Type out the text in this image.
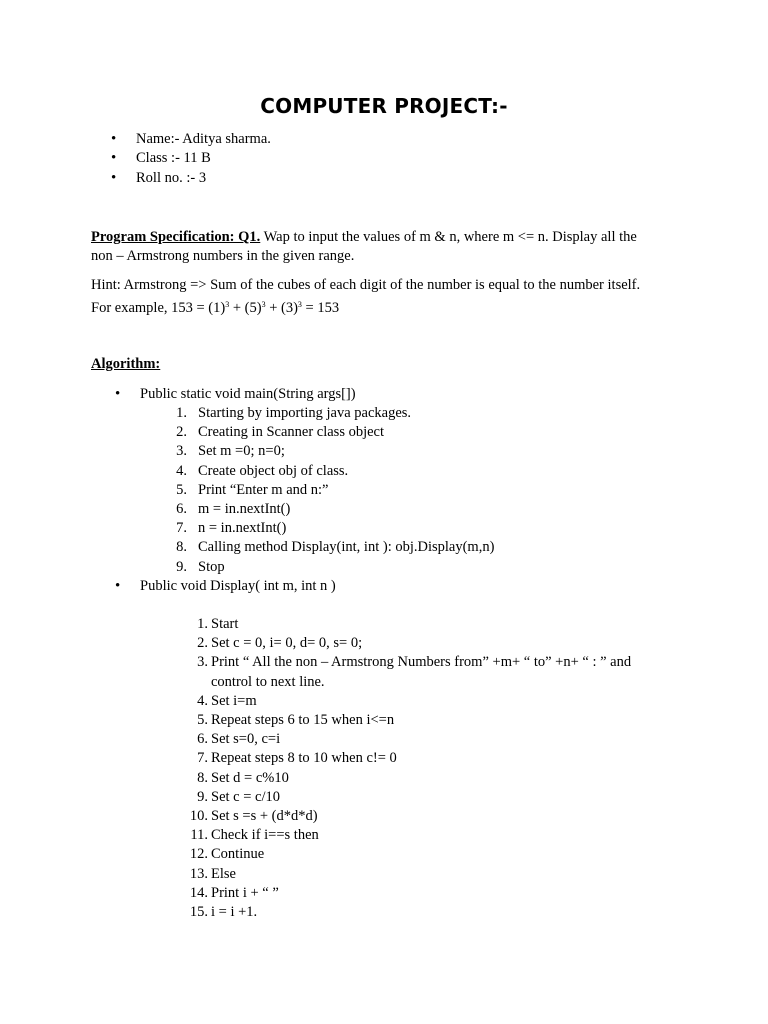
COMPUTER PROJECT:-
• Name:- Aditya sharma.
• Class :- 11 B
• Roll no. :- 3
Program Specification: Q1. Wap to input the values of m & n, where m <= n. Display all the
non – Armstrong numbers in the given range.
Hint: Armstrong => Sum of the cubes of each digit of the number is equal to the number itself.
For example, $153 = (1)^3 + (5)^3 + (3)^3 = 153$
Algorithm:
• Public static void main(String args[])
1. Starting by importing java packages.
2. Creating in Scanner class object
3. Set m =0; n=0;
4. Create object obj of class.
5. Print “Enter m and n:”
6. m = in.nextInt()
7. n = in.nextInt()
8. Calling method Display(int, int ): obj.Display(m,n)
9. Stop
• Public void Display( int m, int n )
1. Start
2. Set c = 0, i= 0, d= 0, s= 0;
3. Print “ All the non – Armstrong Numbers from” +m+ “ to” +n+ “ : ” and
control to next line.
4. Set i=m
5. Repeat steps 6 to 15 when i<=n
6. Set s=0, c=i
7. Repeat steps 8 to 10 when c!= 0
8. Set d = c%10
9. Set c = c/10
10. Set s =s + (d*d*d)
11. Check if i==s then
12. Continue
13. Else
14. Print i + “ ”
15. i = i +1.
